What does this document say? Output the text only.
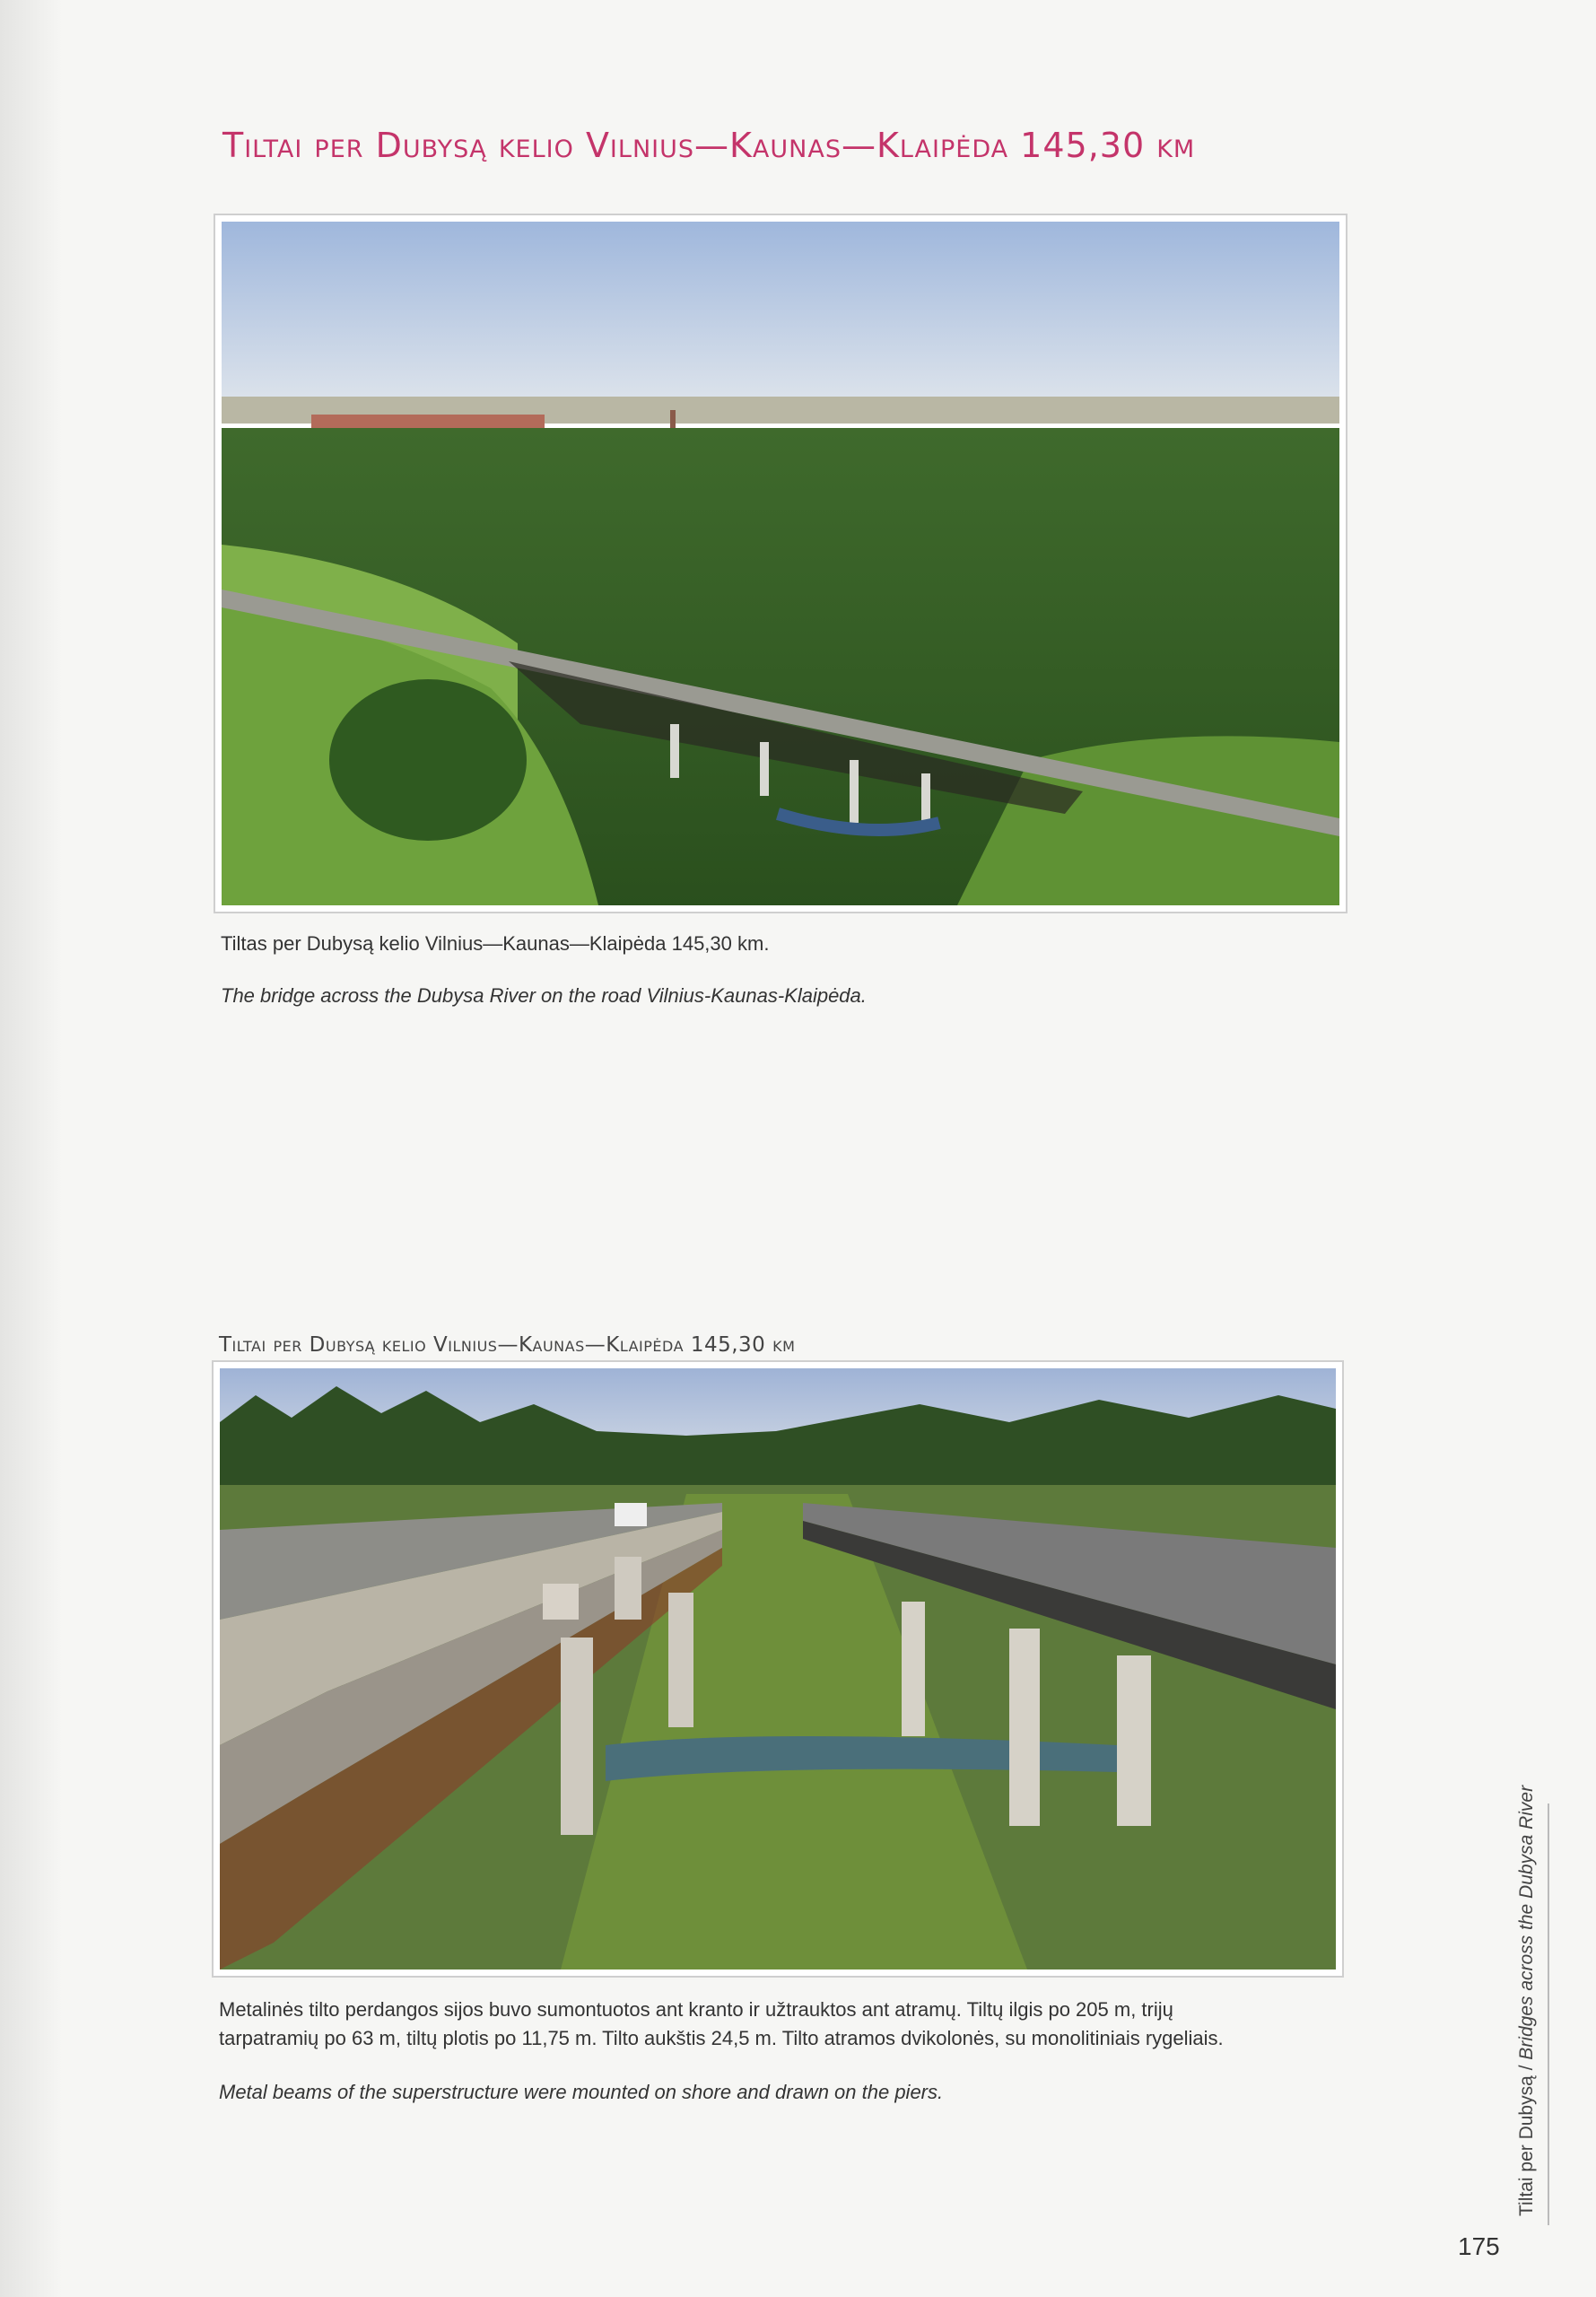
Tiltai per Dubysą kelio Vilnius—Kaunas—Klaipėda 145,30 km
Tiltas per Dubysą kelio Vilnius—Kaunas—Klaipėda 145,30 km.
The bridge across the Dubysa River on the road Vilnius-Kaunas-Klaipėda.
Tiltai per Dubysą kelio Vilnius—Kaunas—Klaipėda 145,30 km
Metalinės tilto perdangos sijos buvo sumontuotos ant kranto ir užtrauktos ant atramų. Tiltų ilgis po 205 m, trijų
tarpatramių po 63 m, tiltų plotis po 11,75 m. Tilto aukštis 24,5 m. Tilto atramos dvikolonės, su monolitiniais rygeliais.
Metal beams of the superstructure were mounted on shore and drawn on the piers.	Tiltai per Dubysą / Bridges across the Dubysa River
175
